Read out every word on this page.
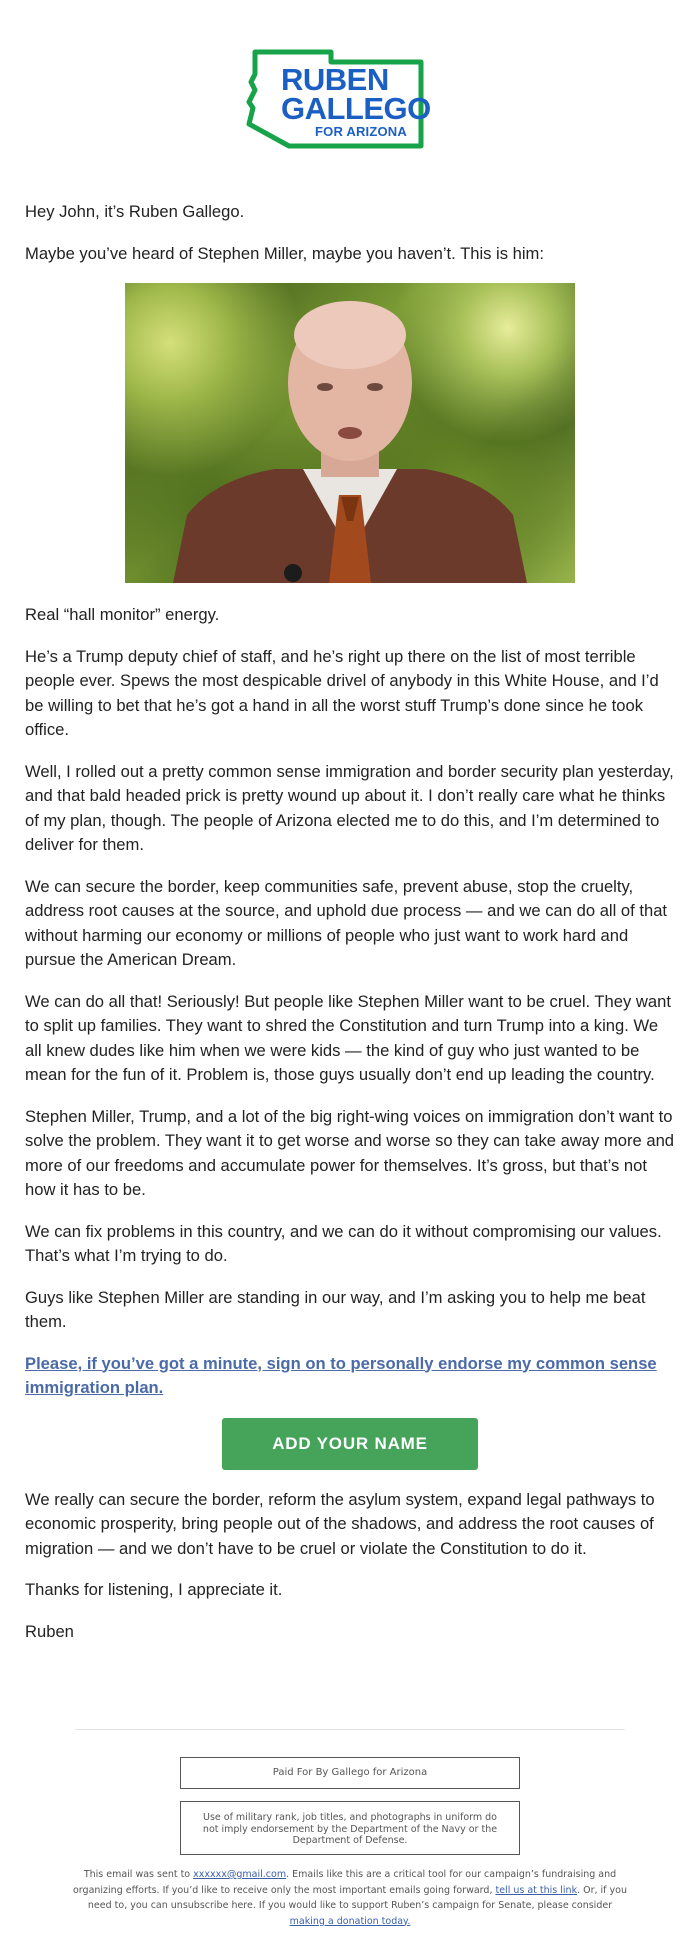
RUBEN
GALLEGO
FOR ARIZONA

Hey John, it’s Ruben Gallego.

Maybe you’ve heard of Stephen Miller, maybe you haven’t. This is him:

Real “hall monitor” energy.

He’s a Trump deputy chief of staff, and he’s right up there on the list of most terrible people ever. Spews the most despicable drivel of anybody in this White House, and I’d be willing to bet that he’s got a hand in all the worst stuff Trump’s done since he took office.

Well, I rolled out a pretty common sense immigration and border security plan yesterday, and that bald headed prick is pretty wound up about it. I don’t really care what he thinks of my plan, though. The people of Arizona elected me to do this, and I’m determined to deliver for them.

We can secure the border, keep communities safe, prevent abuse, stop the cruelty, address root causes at the source, and uphold due process — and we can do all of that without harming our economy or millions of people who just want to work hard and pursue the American Dream.

We can do all that! Seriously! But people like Stephen Miller want to be cruel. They want to split up families. They want to shred the Constitution and turn Trump into a king. We all knew dudes like him when we were kids — the kind of guy who just wanted to be mean for the fun of it. Problem is, those guys usually don’t end up leading the country.

Stephen Miller, Trump, and a lot of the big right-wing voices on immigration don’t want to solve the problem. They want it to get worse and worse so they can take away more and more of our freedoms and accumulate power for themselves. It’s gross, but that’s not how it has to be.

We can fix problems in this country, and we can do it without compromising our values. That’s what I’m trying to do.

Guys like Stephen Miller are standing in our way, and I’m asking you to help me beat them.

Please, if you’ve got a minute, sign on to personally endorse my common sense immigration plan.
ADD YOUR NAME

We really can secure the border, reform the asylum system, expand legal pathways to economic prosperity, bring people out of the shadows, and address the root causes of migration — and we don’t have to be cruel or violate the Constitution to do it.

Thanks for listening, I appreciate it.

Ruben

Paid For By Gallego for Arizona
Use of military rank, job titles, and photographs in uniform do not imply endorsement by the Department of the Navy or the Department of Defense.
This email was sent to xxxxxx@gmail.com. Emails like this are a critical tool for our campaign’s fundraising and organizing efforts. If you’d like to receive only the most important emails going forward, tell us at this link. Or, if you need to, you can unsubscribe here. If you would like to support Ruben’s campaign for Senate, please consider making a donation today.
